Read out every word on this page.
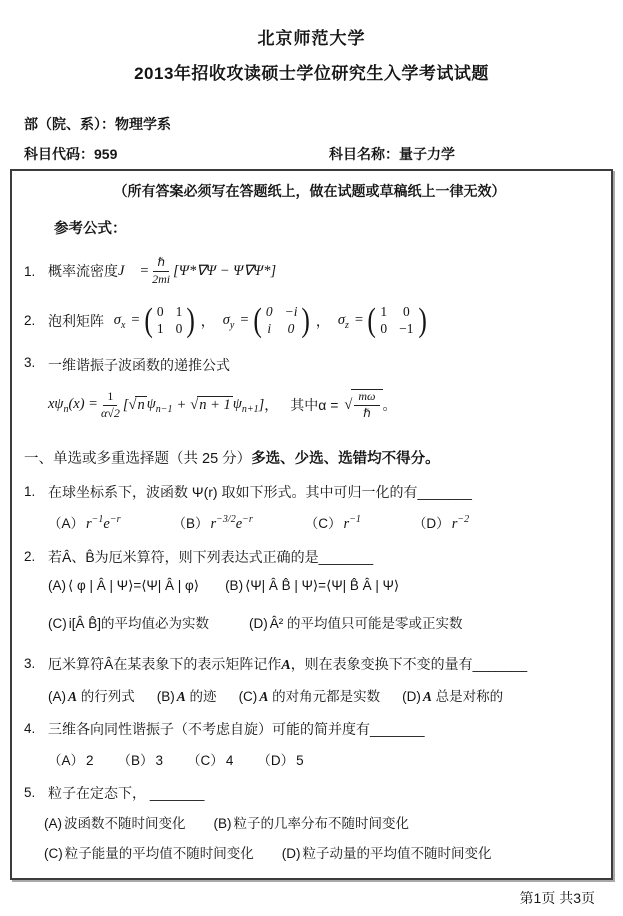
北京师范大学
2013年招收攻读硕士学位研究生入学考试试题
部（院、系）：物理学系
科目代码：959	科目名称：量子力学
（所有答案必须写在答题纸上，做在试题或草稿纸上一律无效）
参考公式：
1. 概率流密度 J⃗ = $\frac{\text{ℏ}}{2mi} [\Psi*\nabla\Psi - \Psi\nabla\Psi*]$
2. 泡利矩阵
$\sigma_x$ = ( 0 1
1 0 ) ， $\sigma_y$ = ( 0 −i
i 0 ) ， $\sigma_z$ = ( 1 0
0 −1 )
3. 一维谐振子波函数的递推公式
$x\psi_n(x) = \frac{1}{\alpha√2}$ [ √ n $\psi_{n-1}$ + √ n + 1 $\psi_{n+1}$ ] ， 其中α = √ $\frac{m\omega}{\text{ℏ}}$ 。
一、单选或多重选择题（共 25 分）多选、少选、选错均不得分。
1. 在球坐标系下，波函数 Ψ(r) 取如下形式。其中可归一化的有_______
（A） $r^{-1}e^{-r}$	（B） $r^{-3/2}e^{-r}$	（C） $r^{-1}$	（D） $r^{-2}$
2. 若Â、B̂为厄米算符，则下列表达式正确的是_______
(A) ⟨ φ | Â | Ψ⟩=⟨Ψ| Â | φ⟩ (B) ⟨Ψ| Â B̂ | Ψ⟩=⟨Ψ| B̂ Â | Ψ⟩
(C) i[Â B̂]的平均值必为实数	(D) Â² 的平均值只可能是零或正实数
3. 厄米算符Â在某表象下的表示矩阵记作A，则在表象变换下不变的量有_______
(A) A 的行列式 (B) A 的迹 (C) A 的对角元都是实数 (D) A 总是对称的
4. 三维各向同性谐振子（不考虑自旋）可能的简并度有_______
（A） 2 （B） 3 （C） 4 （D） 5
5. 粒子在定态下， _______
(A) 波函数不随时间变化 (B) 粒子的几率分布不随时间变化
(C) 粒子能量的平均值不随时间变化 (D) 粒子动量的平均值不随时间变化
第1页 共3页
